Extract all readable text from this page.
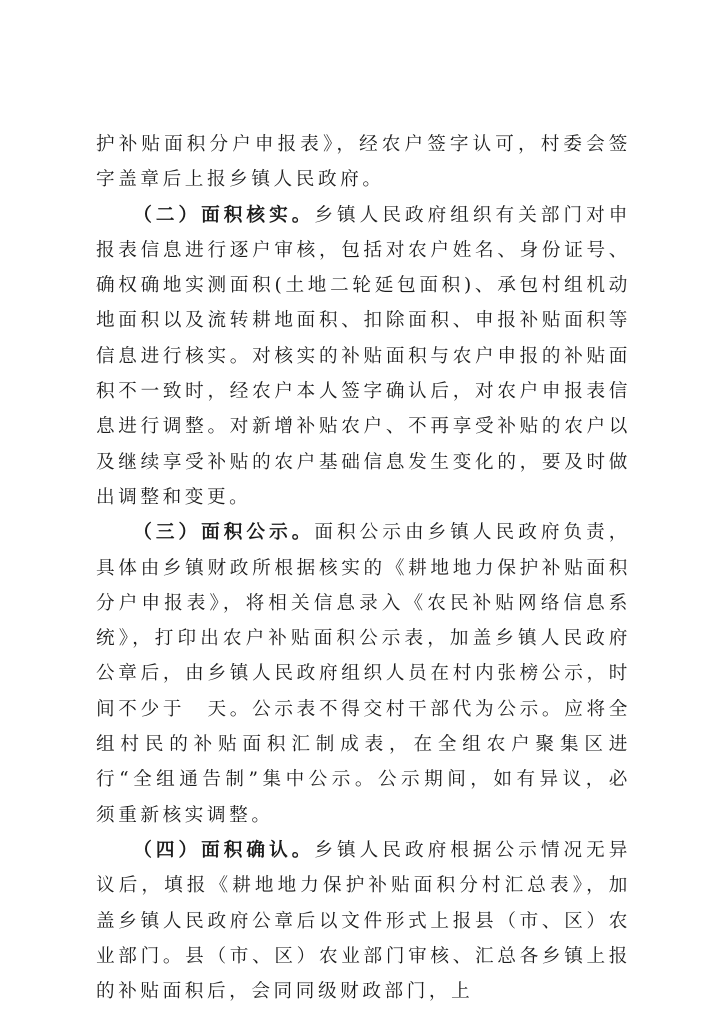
护补贴面积分户申报表》，经农户签字认可，村委会签字盖章后上报乡镇人民政府。

（二）面积核实。乡镇人民政府组织有关部门对申报表信息进行逐户审核，包括对农户姓名、身份证号、确权确地实测面积(土地二轮延包面积)、承包村组机动地面积以及流转耕地面积、扣除面积、申报补贴面积等信息进行核实。对核实的补贴面积与农户申报的补贴面积不一致时，经农户本人签字确认后，对农户申报表信息进行调整。对新增补贴农户、不再享受补贴的农户以及继续享受补贴的农户基础信息发生变化的，要及时做出调整和变更。

（三）面积公示。面积公示由乡镇人民政府负责，具体由乡镇财政所根据核实的《耕地地力保护补贴面积分户申报表》，将相关信息录入《农民补贴网络信息系统》，打印出农户补贴面积公示表，加盖乡镇人民政府公章后，由乡镇人民政府组织人员在村内张榜公示，时间不少于　天。公示表不得交村干部代为公示。应将全组村民的补贴面积汇制成表，在全组农户聚集区进行“全组通告制”集中公示。公示期间，如有异议，必须重新核实调整。

（四）面积确认。乡镇人民政府根据公示情况无异议后，填报《耕地地力保护补贴面积分村汇总表》，加盖乡镇人民政府公章后以文件形式上报县（市、区）农业部门。县（市、区）农业部门审核、汇总各乡镇上报的补贴面积后，会同同级财政部门，上
